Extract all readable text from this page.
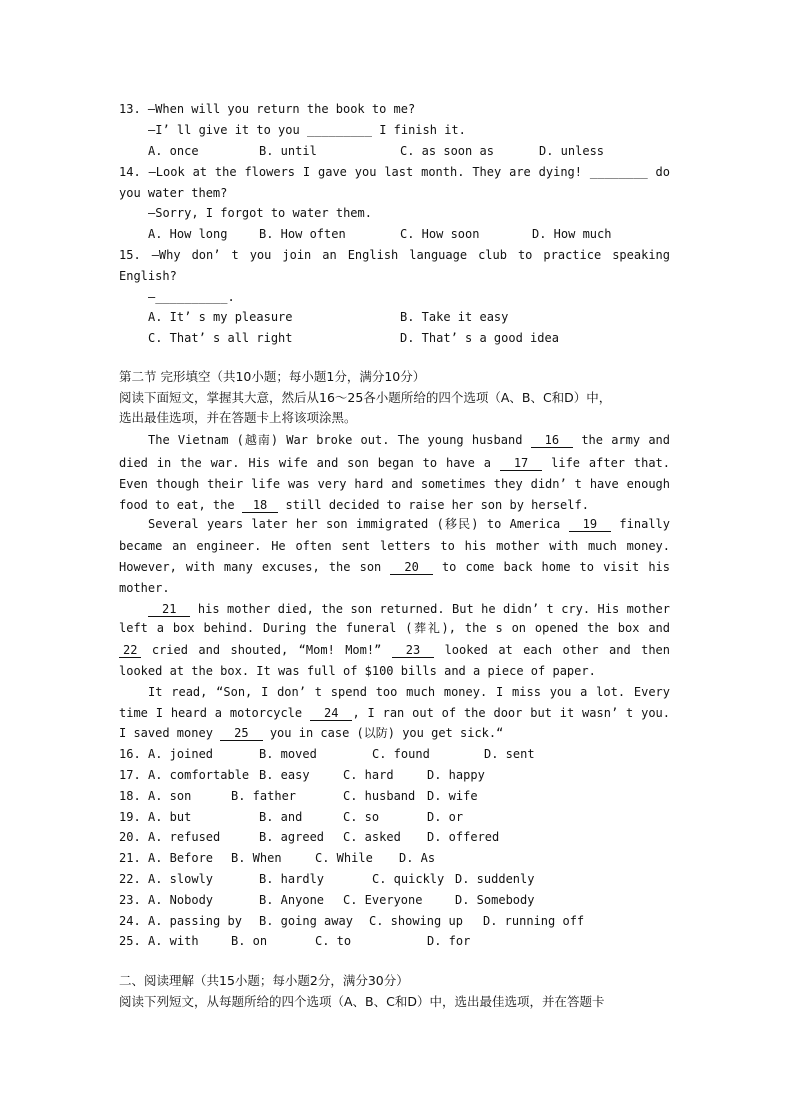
13. —When will you return the book to me?
—I’ ll give it to you _________ I finish it.
A. once	B. until	C. as soon as	D. unless
14. —Look at the flowers I gave you last month. They are dying! ________ do
you water them?
—Sorry, I forgot to water them.
A. How long	B. How often	C. How soon	D. How much
15. —Why don’ t you join an English language club to practice speaking
English?
—__________.
A. It’ s my pleasure	B. Take it easy
C. That’ s all right	D. That’ s a good idea
第二节 完形填空（共10小题；每小题1分，满分10分）
阅读下面短文，掌握其大意，然后从16～25各小题所给的四个选项（A、B、C和D）中，
选出最佳选项，并在答题卡上将该项涂黑。
The Vietnam (越南) War broke out. The young husband 16 the army and
died in the war. His wife and son began to have a 17 life after that.
Even though their life was very hard and sometimes they didn’ t have enough
food to eat, the 18 still decided to raise her son by herself.
Several years later her son immigrated (移民) to America 19 finally
became an engineer. He often sent letters to his mother with much money.
However, with many excuses, the son 20 to come back home to visit his
mother.
21 his mother died, the son returned. But he didn’ t cry. His mother
left a box behind. During the funeral (葬礼), the s on opened the box and
22 cried and shouted, “Mom! Mom!” 23 looked at each other and then
looked at the box. It was full of $100 bills and a piece of paper.
It read, “Son, I don’ t spend too much money. I miss you a lot. Every
time I heard a motorcycle 24 , I ran out of the door but it wasn’ t you.
I saved money 25 you in case (以防) you get sick.“
16. A. joined	B. moved	C. found	D. sent
17. A. comfortable B. easy	C. hard	D. happy
18. A. son	B. father	C. husband D. wife
19. A. but	B. and	C. so	D. or
20. A. refused	B. agreed C. asked D. offered
21. A. Before B. When	C. While D. As
22. A. slowly	B. hardly	C. quickly D. suddenly
23. A. Nobody	B. Anyone C. Everyone	D. Somebody
24. A. passing by B. going away C. showing up D. running off
25. A. with	B. on	C. to	D. for
二、阅读理解（共15小题；每小题2分，满分30分）
阅读下列短文，从每题所给的四个选项（A、B、C和D）中，选出最佳选项，并在答题卡
